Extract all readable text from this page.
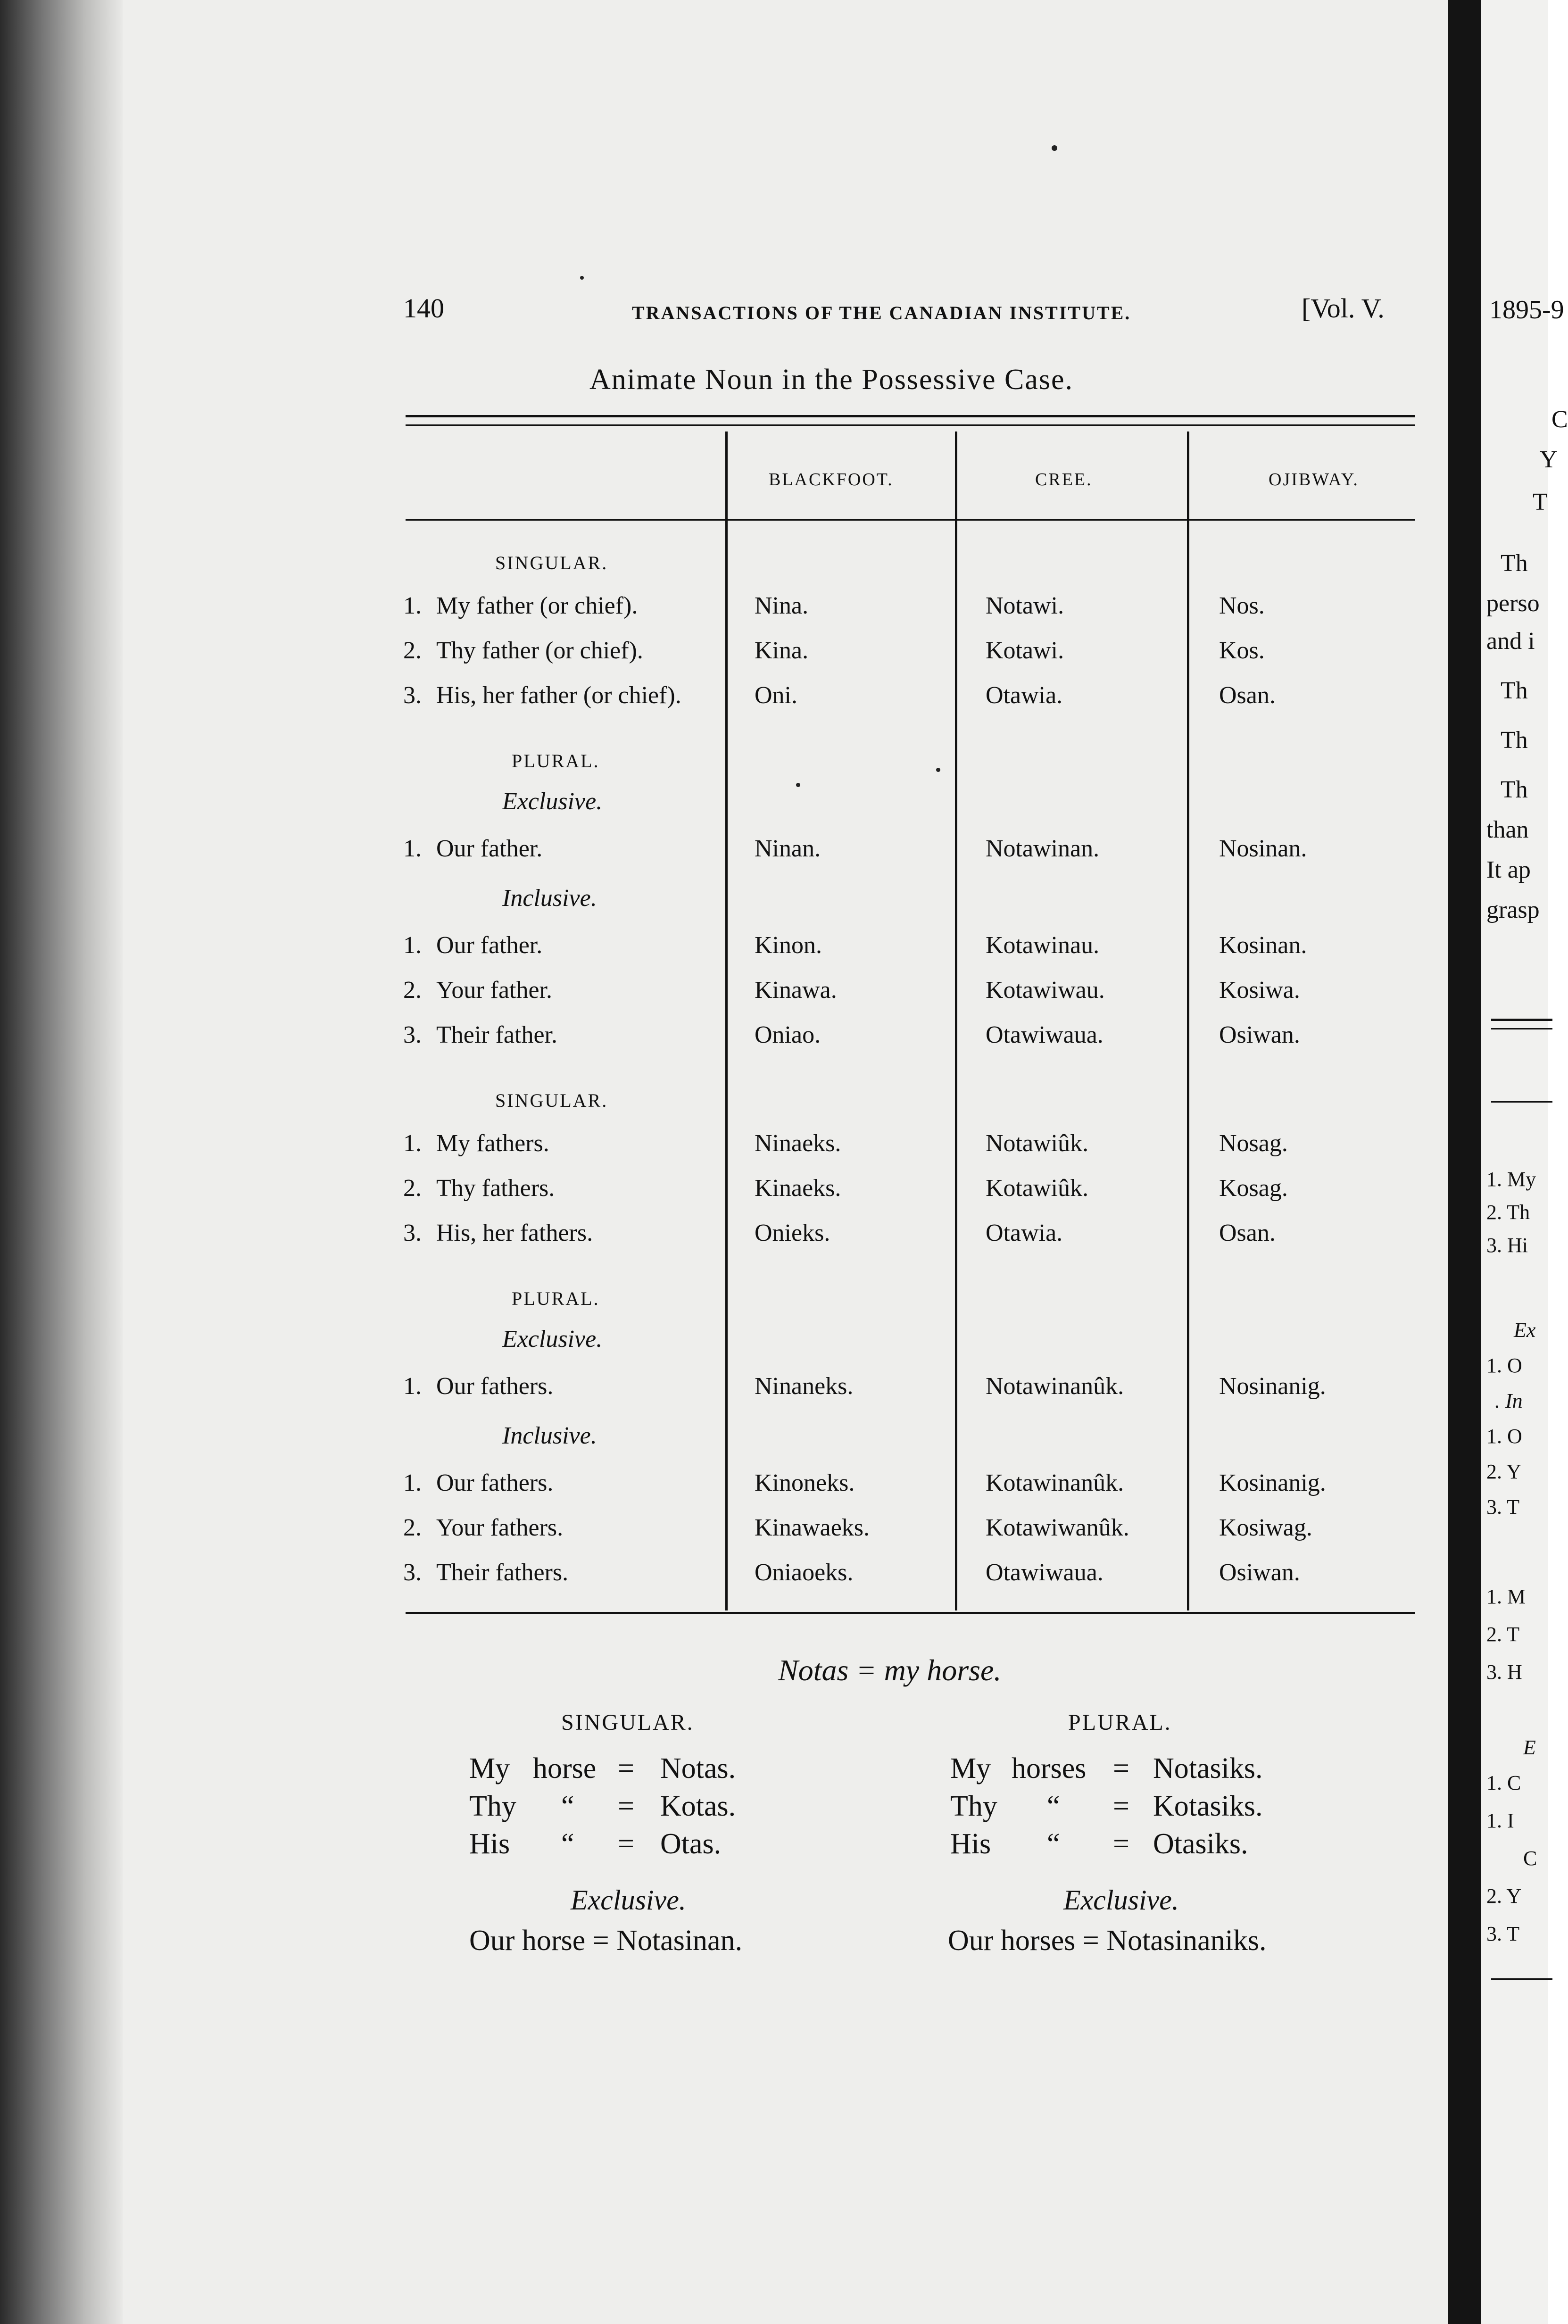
140	TRANSACTIONS OF THE CANADIAN INSTITUTE.	[Vol. V.
Animate Noun in the Possessive Case.
BLACKFOOT.	CREE.	OJIBWAY.
SINGULAR.
1. My father (or chief).	Nina.	Notawi.	Nos.
2. Thy father (or chief).	Kina.	Kotawi.	Kos.
3. His, her father (or chief).	Oni.	Otawia.	Osan.
PLURAL.
Exclusive.
1. Our father.	Ninan.	Notawinan.	Nosinan.
Inclusive.
1. Our father.	Kinon.	Kotawinau.	Kosinan.
2. Your father.	Kinawa.	Kotawiwau.	Kosiwa.
3. Their father.	Oniao.	Otawiwaua.	Osiwan.
SINGULAR.
1. My fathers.	Ninaeks.	Notawiûk.	Nosag.
2. Thy fathers.	Kinaeks.	Kotawiûk.	Kosag.
3. His, her fathers.	Onieks.	Otawia.	Osan.
PLURAL.
Exclusive.
1. Our fathers.	Ninaneks.	Notawinanûk.	Nosinanig.
Inclusive.
1. Our fathers.	Kinoneks.	Kotawinanûk.	Kosinanig.
2. Your fathers.	Kinawaeks.	Kotawiwanûk.	Kosiwag.
3. Their fathers.	Oniaoeks.	Otawiwaua.	Osiwan.
Notas = my horse.
SINGULAR.	PLURAL.
My horse = Notas.	My horses = Notasiks.
Thy “ = Kotas.	Thy “ = Kotasiks.
His “ = Otas.	His “ = Otasiks.
Exclusive.	Exclusive.
Our horse = Notasinan.	Our horses = Notasinaniks.
1895-9
C
Y
T
Th
perso
and i
Th
Th
Th
than
It ap
grasp
1. My
2. Th
3. Hi
Ex
1. O
. In
1. O
2. Y
3. T
1. M
2. T
3. H
E
1. C
1. I
C
2. Y
3. T
